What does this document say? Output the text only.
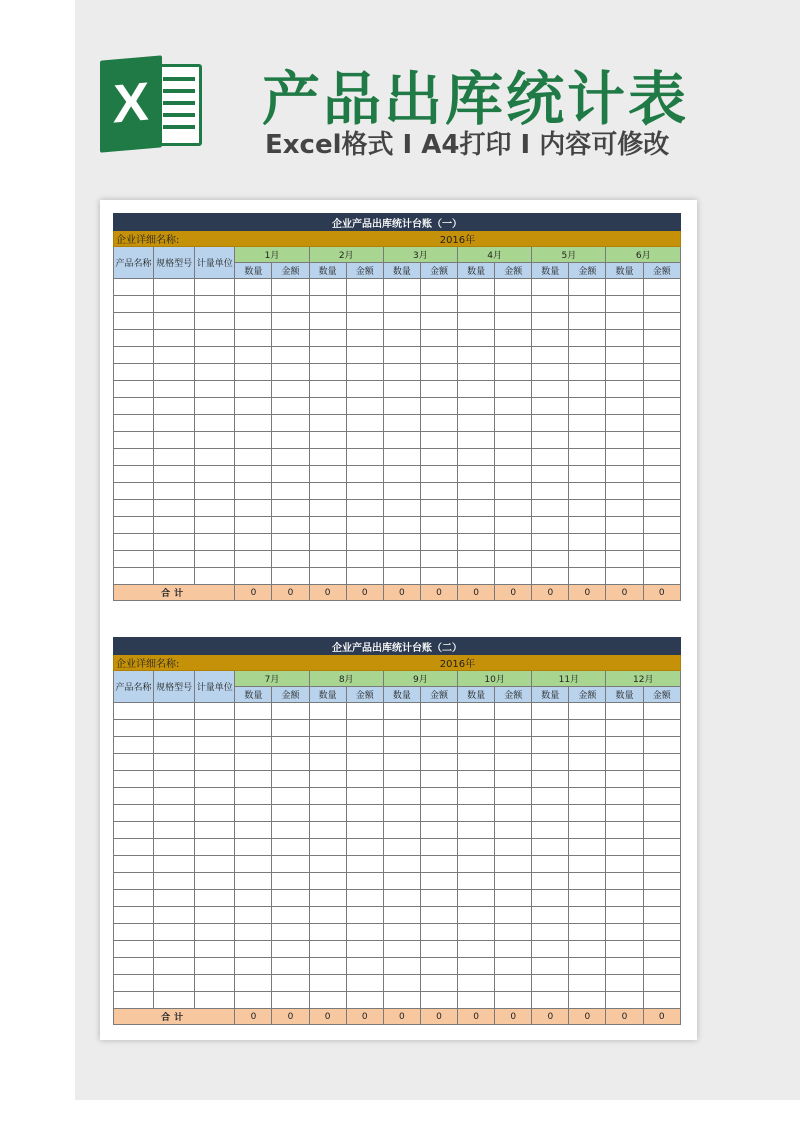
X 产品出库统计表
Excel格式 I A4打印 I 内容可修改
企业产品出库统计台账（一）														
企业详细名称:			2016年											
产品名称	规格型号	计量单位	1月		2月		3月		4月		5月		6月	
			数量	金额	数量	金额	数量	金额	数量	金额	数量	金额	数量	金额

合计			0	0	0	0	0	0	0	0	0	0	0	0

企业产品出库统计台账（二）														
企业详细名称:			2016年											
产品名称	规格型号	计量单位	7月		8月		9月		10月		11月		12月	
			数量	金额	数量	金额	数量	金额	数量	金额	数量	金额	数量	金额

合计			0	0	0	0	0	0	0	0	0	0	0	0
